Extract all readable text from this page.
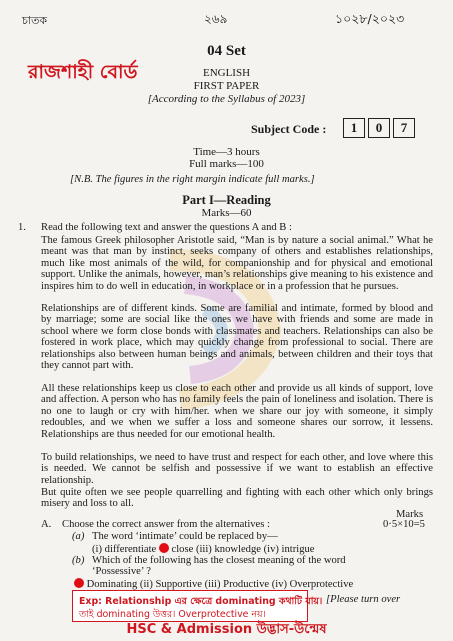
চাতক	২৬৯	১০২৮/২০২৩
রাজশাহী বোর্ড
04 Set
ENGLISH
FIRST PAPER
[According to the Syllabus of 2023]
Subject Code :	1 0 7
Time—3 hours
Full marks—100
[N.B. The figures in the right margin indicate full marks.]
Part I—Reading
Marks—60
1. Read the following text and answer the questions A and B :
The famous Greek philosopher Aristotle said, “Man is by nature a social animal.” What he meant was that man by instinct, seeks company of others and establishes relationships, much like most animals of the wild, for companionship and for physical and emotional support. Unlike the animals, however, man’s relationships give meaning to his existence and inspires him to do well in education, in workplace or in a profession that he pursues.
Relationships are of different kinds. Some are familial and intimate, formed by blood and by marriage; some are social like the ones we have with friends and some are made in school where we form close bonds with classmates and teachers. Relationships can also be fostered in work place, which may quickly change from professional to social. There are relationships also between human beings and animals, between children and their toys that they cannot part with.
All these relationships keep us close to each other and provide us all kinds of support, love and affection. A person who has no family feels the pain of loneliness and isolation. There is no one to laugh or cry with him/her. when we share our joy with someone, it simply redoubles, and we when we suffer a loss and someone shares our sorrow, it lessens. Relationships are thus needed for our emotional health.
To build relationships, we need to have trust and respect for each other, and love where this is needed. We cannot be selfish and possessive if we want to establish an effective relationship.
But quite often we see people quarrelling and fighting with each other which only brings misery and loss to all.
Marks
A. Choose the correct answer from the alternatives :	0·5×10=5
(a) The word ‘intimate’ could be replaced by—
(i) differentiate close (iii) knowledge (iv) intrigue
(b) Which of the following has the closest meaning of the word
‘Possessive’ ?
Dominating (ii) Supportive (iii) Productive (iv) Overprotective
Exp: Relationship এর ক্ষেত্রে dominating কথাটি যায়।
তাই dominating উত্তর। Overprotective নয়।
[Please turn over
HSC & Admission উদ্ভাস-উন্মেষ
